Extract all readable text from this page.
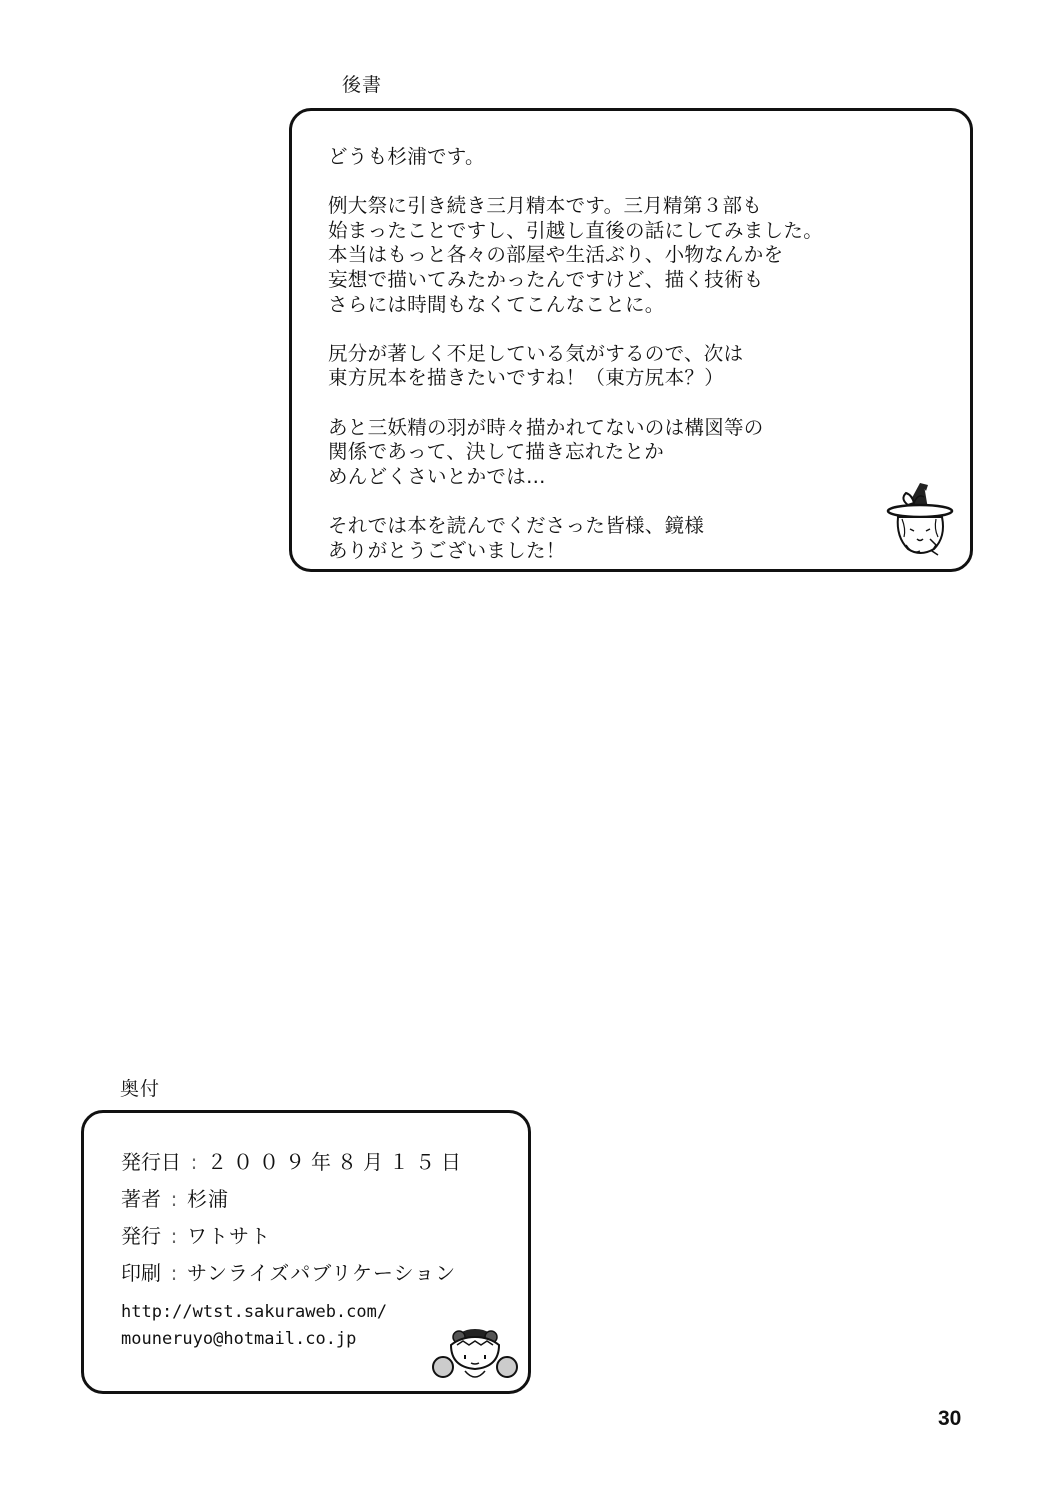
後書
どうも杉浦です。
例大祭に引き続き三月精本です。三月精第３部も
始まったことですし、引越し直後の話にしてみました。
本当はもっと各々の部屋や生活ぶり、小物なんかを
妄想で描いてみたかったんですけど、描く技術も
さらには時間もなくてこんなことに。
尻分が著しく不足している気がするので、次は
東方尻本を描きたいですね！（東方尻本？）
あと三妖精の羽が時々描かれてないのは構図等の
関係であって、決して描き忘れたとか
めんどくさいとかでは…
それでは本を読んでくださった皆様、鏡様
ありがとうございました！
奥付
発行日 : ２００９年８月１５日
著者 : 杉浦
発行 : ワトサト
印刷 : サンライズパブリケーション
http://wtst.sakuraweb.com/
mouneruyo@hotmail.co.jp
30
